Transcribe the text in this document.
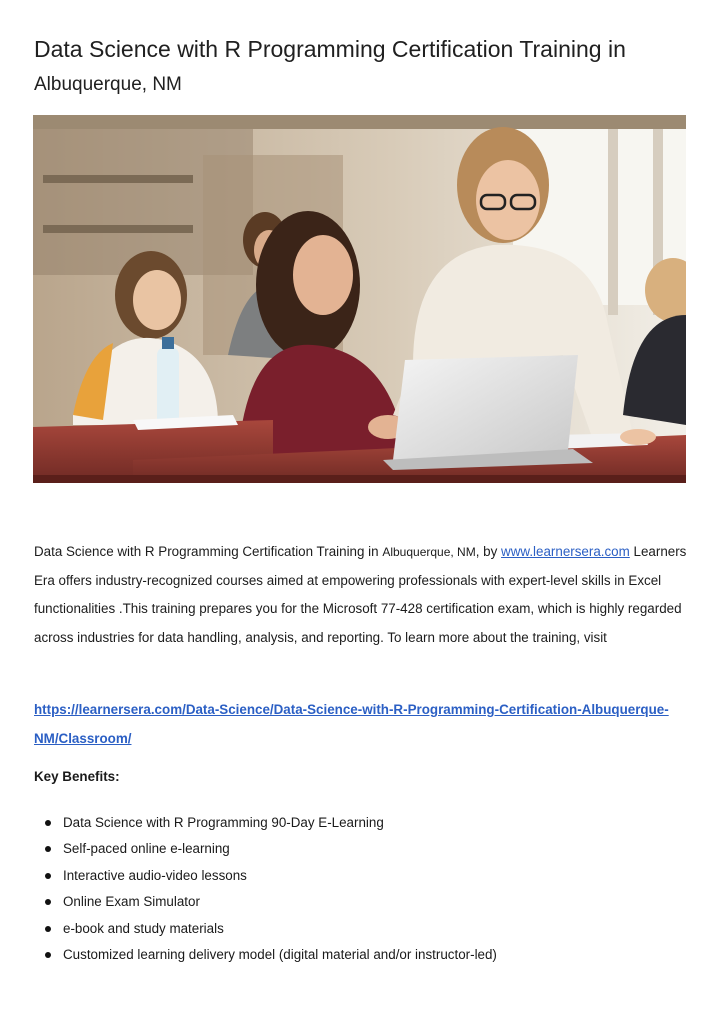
Data Science with R Programming Certification Training in
Albuquerque, NM
Data Science with R Programming Certification Training in Albuquerque, NM, by www.learnersera.com Learners Era offers industry-recognized courses aimed at empowering professionals with expert-level skills in Excel functionalities .This training prepares you for the Microsoft 77-428 certification exam, which is highly regarded across industries for data handling, analysis, and reporting. To learn more about the training, visit
https://learnersera.com/Data-Science/Data-Science-with-R-Programming-Certification-Albuquerque-NM/Classroom/
Key Benefits:
Data Science with R Programming 90-Day E-Learning
Self-paced online e-learning
Interactive audio-video lessons
Online Exam Simulator
e-book and study materials
Customized learning delivery model (digital material and/or instructor-led)
